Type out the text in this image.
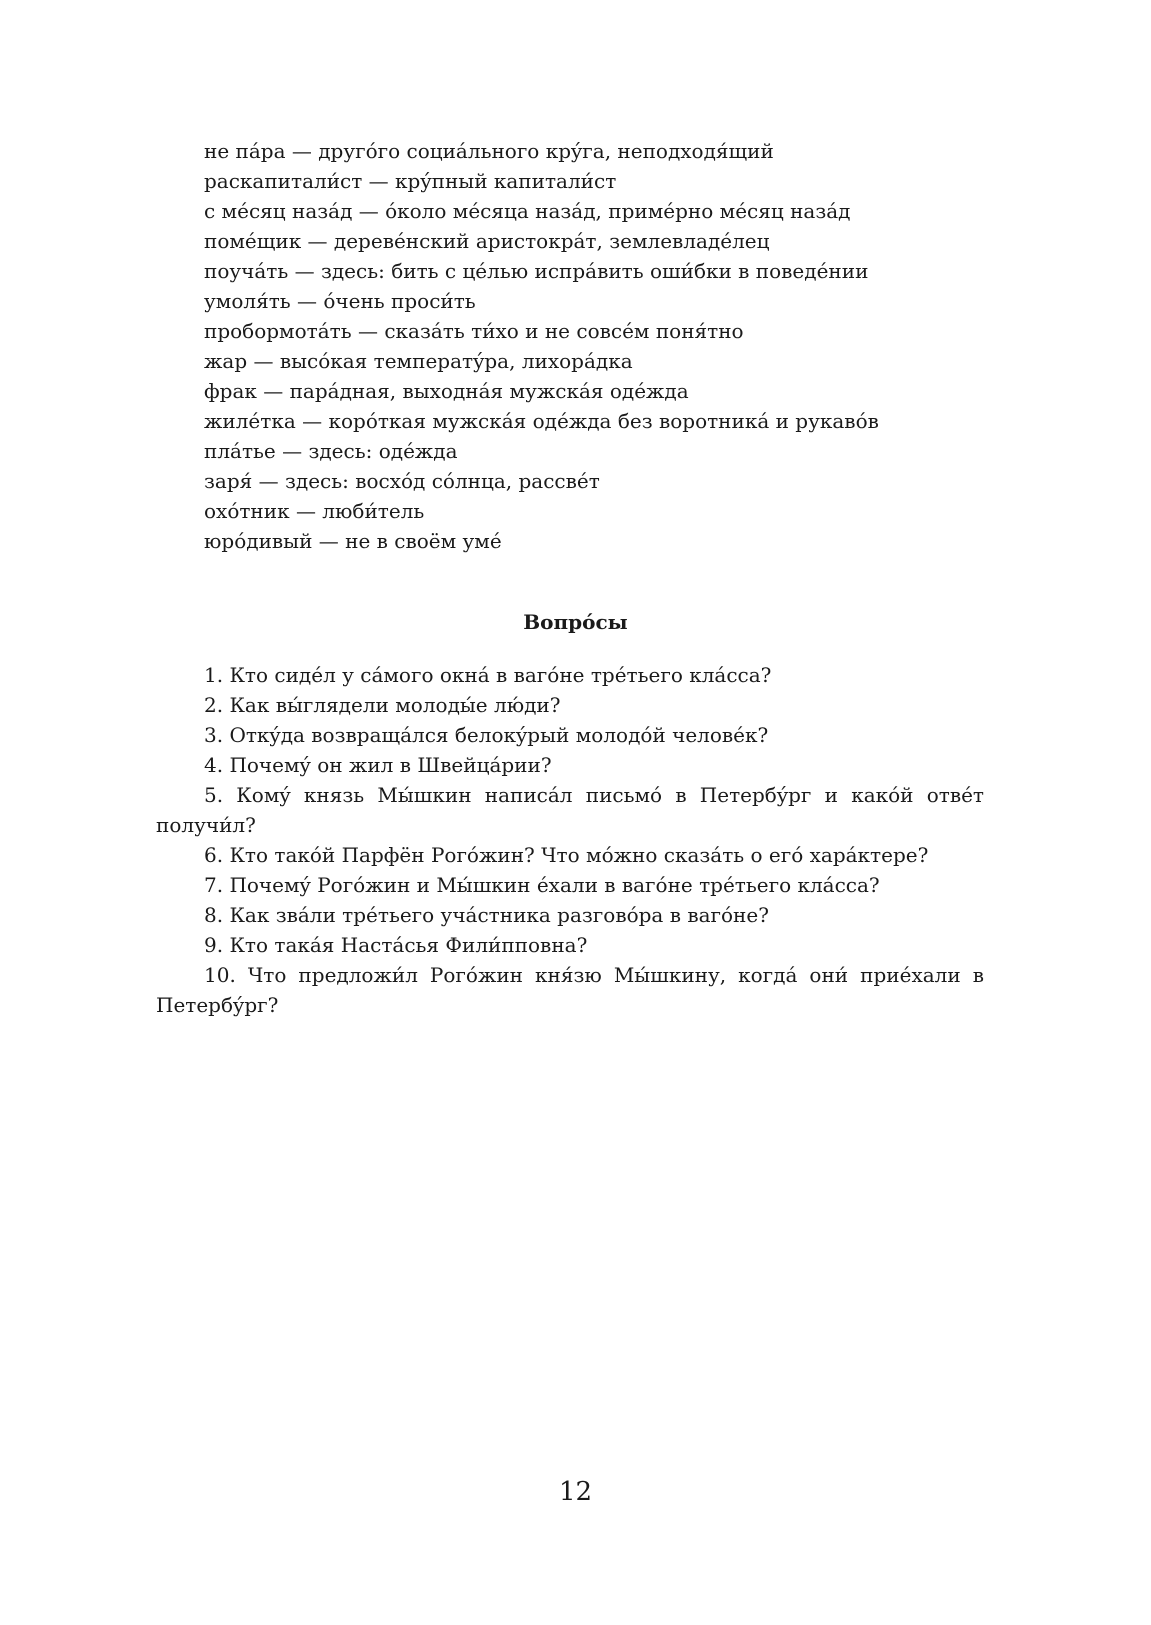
не пáра — другóго социáльного крýга, неподходя́щий
раскапитали́ст — крýпный капитали́ст
с мéсяц назáд — óколо мéсяца назáд, примéрно мéсяц назáд
помéщик — деревéнский аристокрáт, землевладéлец
поучáть — здесь: бить с цéлью испрáвить оши́бки в поведéнии
умоля́ть — óчень проси́ть
пробормотáть — сказáть ти́хо и не совсéм поня́тно
жар — высóкая температýра, лихорáдка
фрак — парáдная, выходнáя мужскáя одéжда
жилéтка — корóткая мужскáя одéжда без воротникá и рукавóв
плáтье — здесь: одéжда
заря́ — здесь: восхóд сóлнца, рассвéт
охóтник — люби́тель
юрóдивый — не в своём умé
Вопрóсы
1. Кто сидéл у сáмого окнá в вагóне трéтьего клáсса?
2. Как вы́глядели молоды́е лю́ди?
3. Откýда возвращáлся белокýрый молодóй человéк?
4. Почемý он жил в Швейцáрии?
5. Комý князь Мы́шкин написáл письмó в Петербýрг и какóй отвéт получи́л?
6. Кто такóй Парфён Рогóжин? Что мóжно сказáть о егó харáктере?
7. Почемý Рогóжин и Мы́шкин éхали в вагóне трéтьего клáсса?
8. Как звáли трéтьего учáстника разговóра в вагóне?
9. Кто такáя Настáсья Фили́пповна?
10. Что предложи́л Рогóжин кня́зю Мы́шкину, когдá они́ приéхали в Петербýрг?
12
